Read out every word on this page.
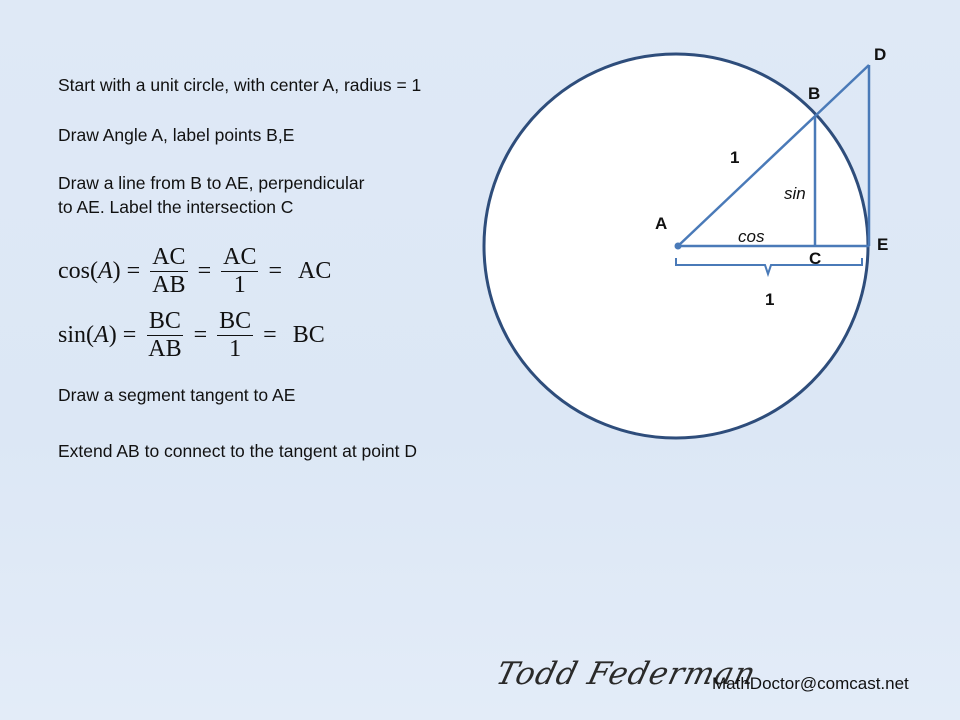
Start with a unit circle, with center A, radius = 1

Draw Angle A, label points B,E

Draw a line from B to AE, perpendicular

to AE. Label the intersection C

cos ( A ) = $\frac{AC}{AB} = \frac{AC}{1}$ = AC
sin ( A ) = $\frac{BC}{AB} = \frac{BC}{1}$ = BC

Draw a segment tangent to AE

Extend AB to connect to the tangent at point D

A
B
C
D
E
1
1
sin
cos
Todd Federman
MathDoctor@comcast.net
